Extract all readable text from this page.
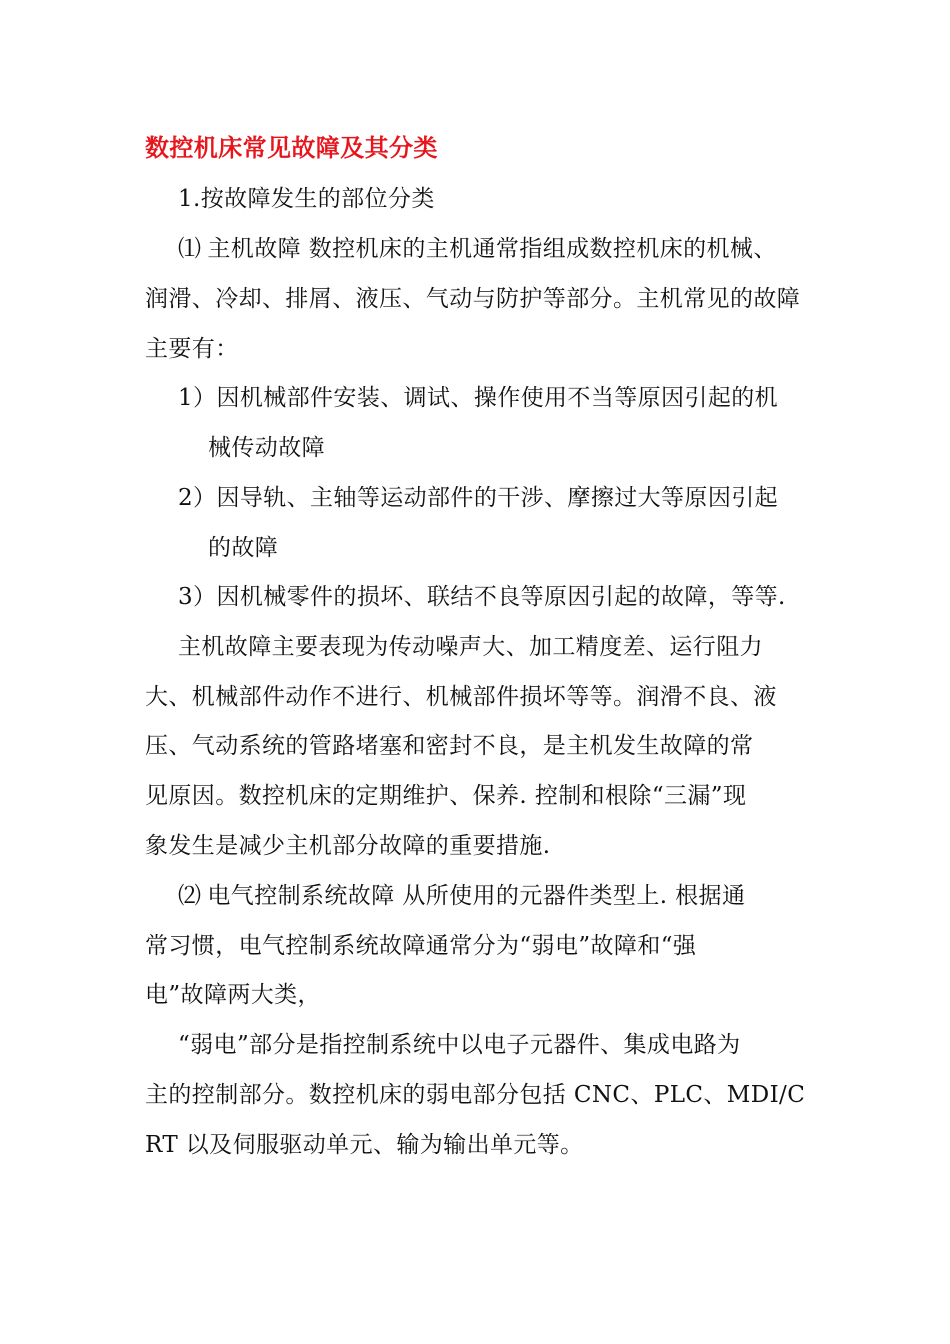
数控机床常见故障及其分类
1.按故障发生的部位分类
⑴ 主机故障 数控机床的主机通常指组成数控机床的机械、
润滑、冷却、排屑、液压、气动与防护等部分。主机常见的故障
主要有：
1）因机械部件安装、调试、操作使用不当等原因引起的机
械传动故障
2）因导轨、主轴等运动部件的干涉、摩擦过大等原因引起
的故障
3）因机械零件的损坏、联结不良等原因引起的故障，等等.
主机故障主要表现为传动噪声大、加工精度差、运行阻力
大、机械部件动作不进行、机械部件损坏等等。润滑不良、液
压、气动系统的管路堵塞和密封不良，是主机发生故障的常
见原因。数控机床的定期维护、保养. 控制和根除“三漏”现
象发生是减少主机部分故障的重要措施.
⑵ 电气控制系统故障 从所使用的元器件类型上. 根据通
常习惯，电气控制系统故障通常分为“弱电”故障和“强
电”故障两大类，
“弱电”部分是指控制系统中以电子元器件、集成电路为
主的控制部分。数控机床的弱电部分包括 CNC、PLC、MDI/C
RT 以及伺服驱动单元、输为输出单元等。
